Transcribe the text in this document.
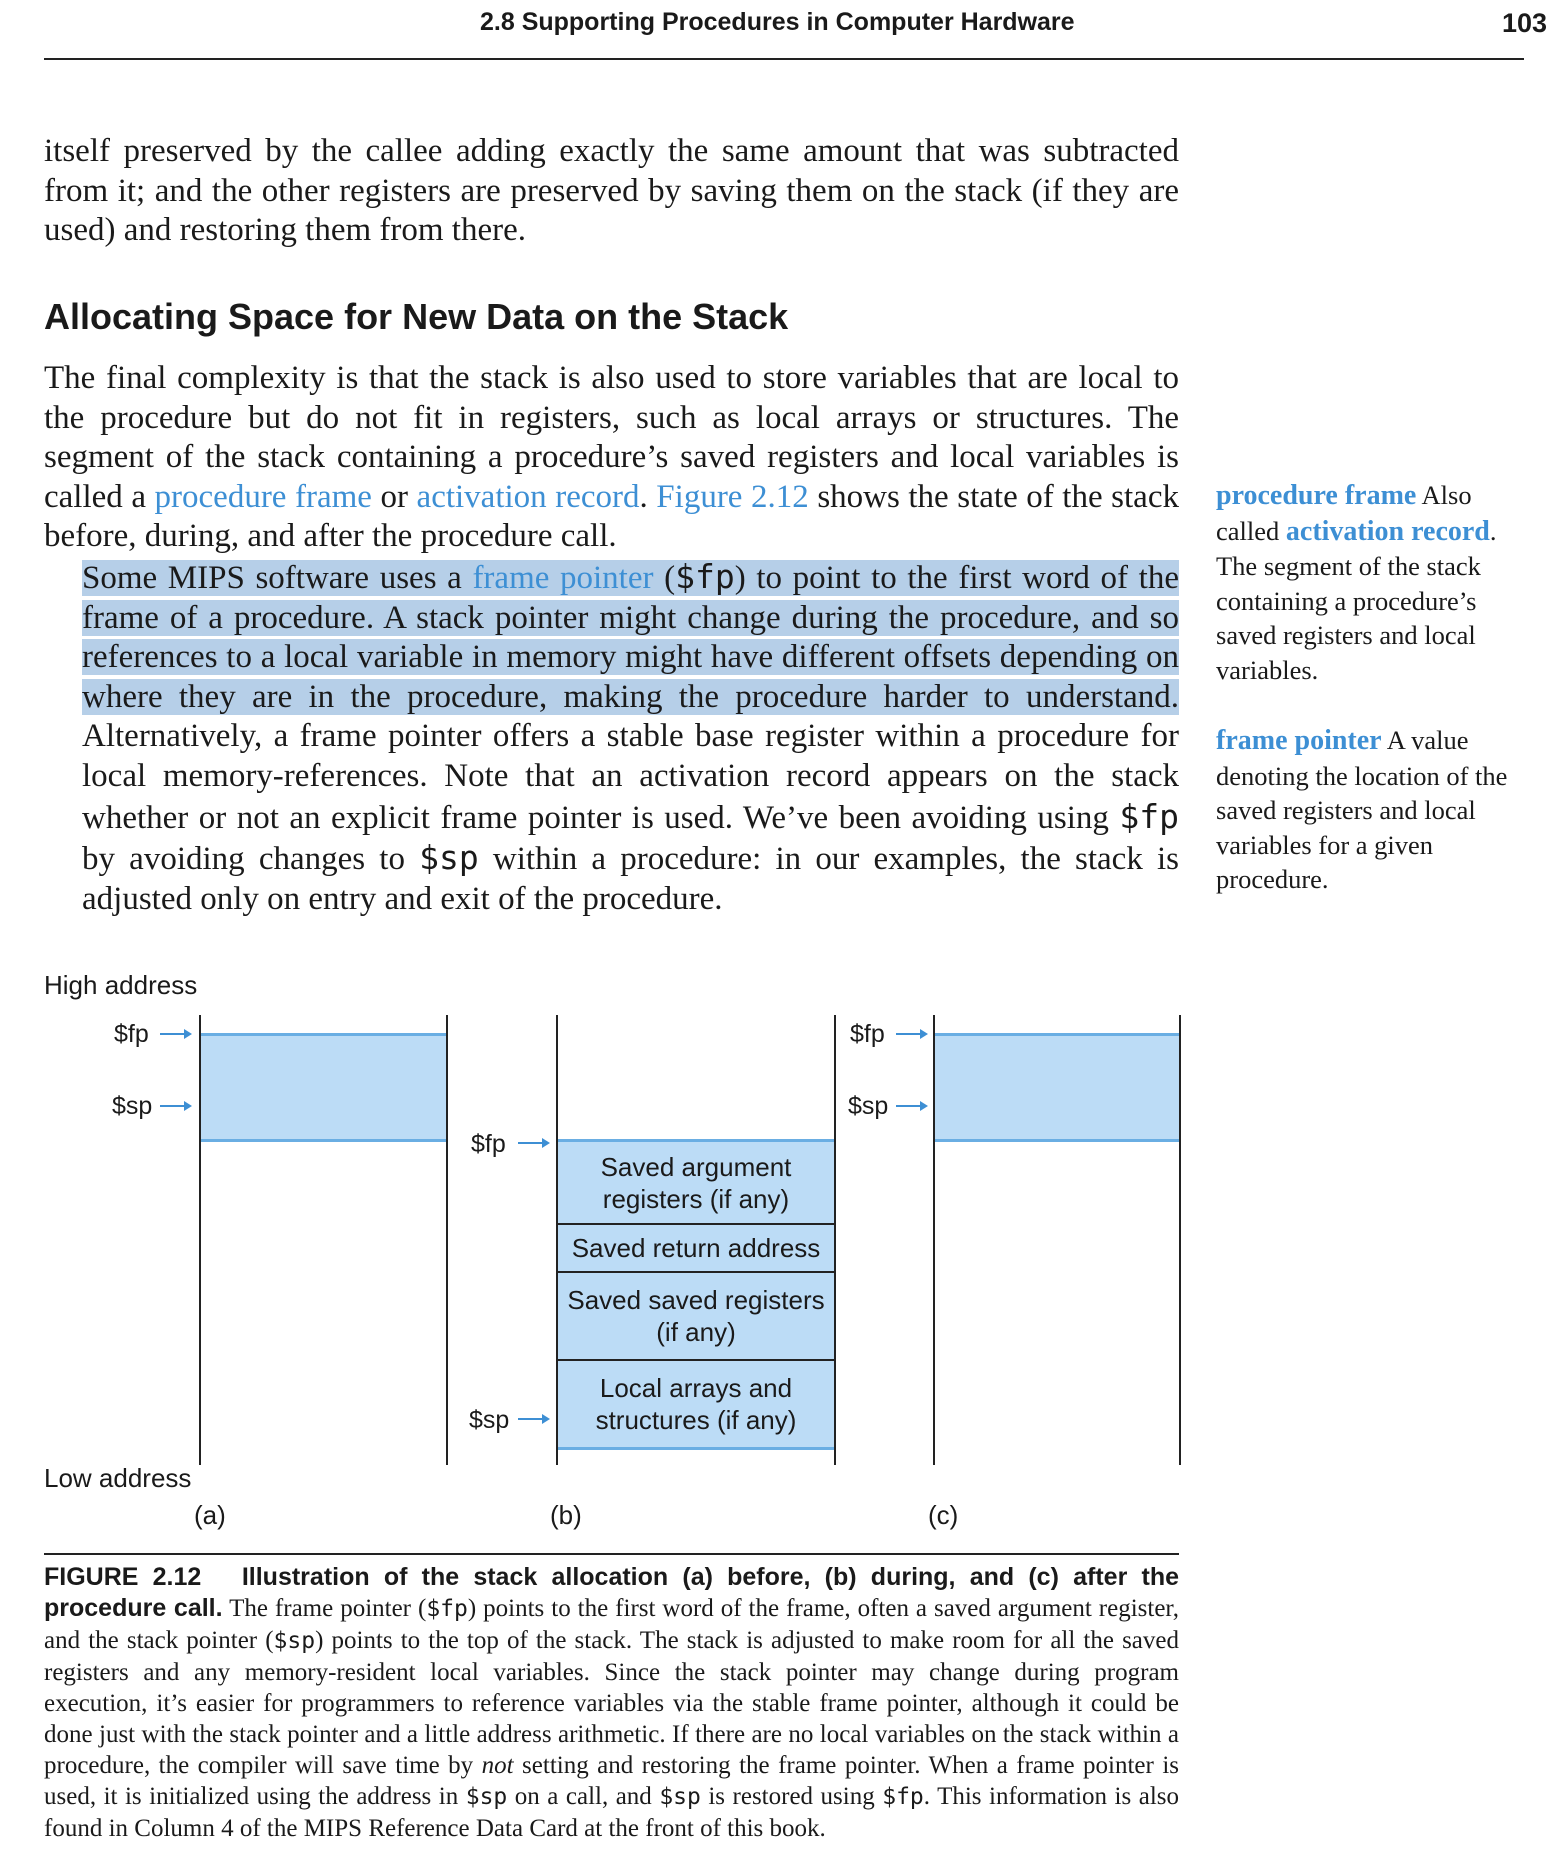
2.8 Supporting Procedures in Computer Hardware	103

itself preserved by the callee adding exactly the same amount that was subtracted from it; and the other registers are preserved by saving them on the stack (if they are used) and restoring them from there.

Allocating Space for New Data on the Stack

The final complexity is that the stack is also used to store variables that are local to the procedure but do not fit in registers, such as local arrays or structures. The segment of the stack containing a procedure’s saved registers and local variables is called a procedure frame or activation record. Figure 2.12 shows the state of the stack before, during, and after the procedure call.

Some MIPS software uses a frame pointer ($fp) to point to the first word of the frame of a procedure. A stack pointer might change during the procedure, and so references to a local variable in memory might have different offsets depending on where they are in the procedure, making the procedure harder to understand. Alternatively, a frame pointer offers a stable base register within a procedure for local memory-references. Note that an activation record appears on the stack whether or not an explicit frame pointer is used. We’ve been avoiding using $fp by avoiding changes to $sp within a procedure: in our examples, the stack is adjusted only on entry and exit of the procedure.

procedure frame Also called activation record. The segment of the stack containing a procedure’s saved registers and local variables.
frame pointer A value denoting the location of the saved registers and local variables for a given procedure.
High address
Low address
$fp
$sp
(a)
Saved argument registers (if any)
Saved return address
Saved saved registers (if any)
Local arrays and structures (if any)
$fp
$sp
(b)
$fp
$sp
(c)
FIGURE 2.12 Illustration of the stack allocation (a) before, (b) during, and (c) after the procedure call. The frame pointer ($fp) points to the first word of the frame, often a saved argument register, and the stack pointer ($sp) points to the top of the stack. The stack is adjusted to make room for all the saved registers and any memory-resident local variables. Since the stack pointer may change during program execution, it’s easier for programmers to reference variables via the stable frame pointer, although it could be done just with the stack pointer and a little address arithmetic. If there are no local variables on the stack within a procedure, the compiler will save time by not setting and restoring the frame pointer. When a frame pointer is used, it is initialized using the address in $sp on a call, and $sp is restored using $fp. This information is also found in Column 4 of the MIPS Reference Data Card at the front of this book.
